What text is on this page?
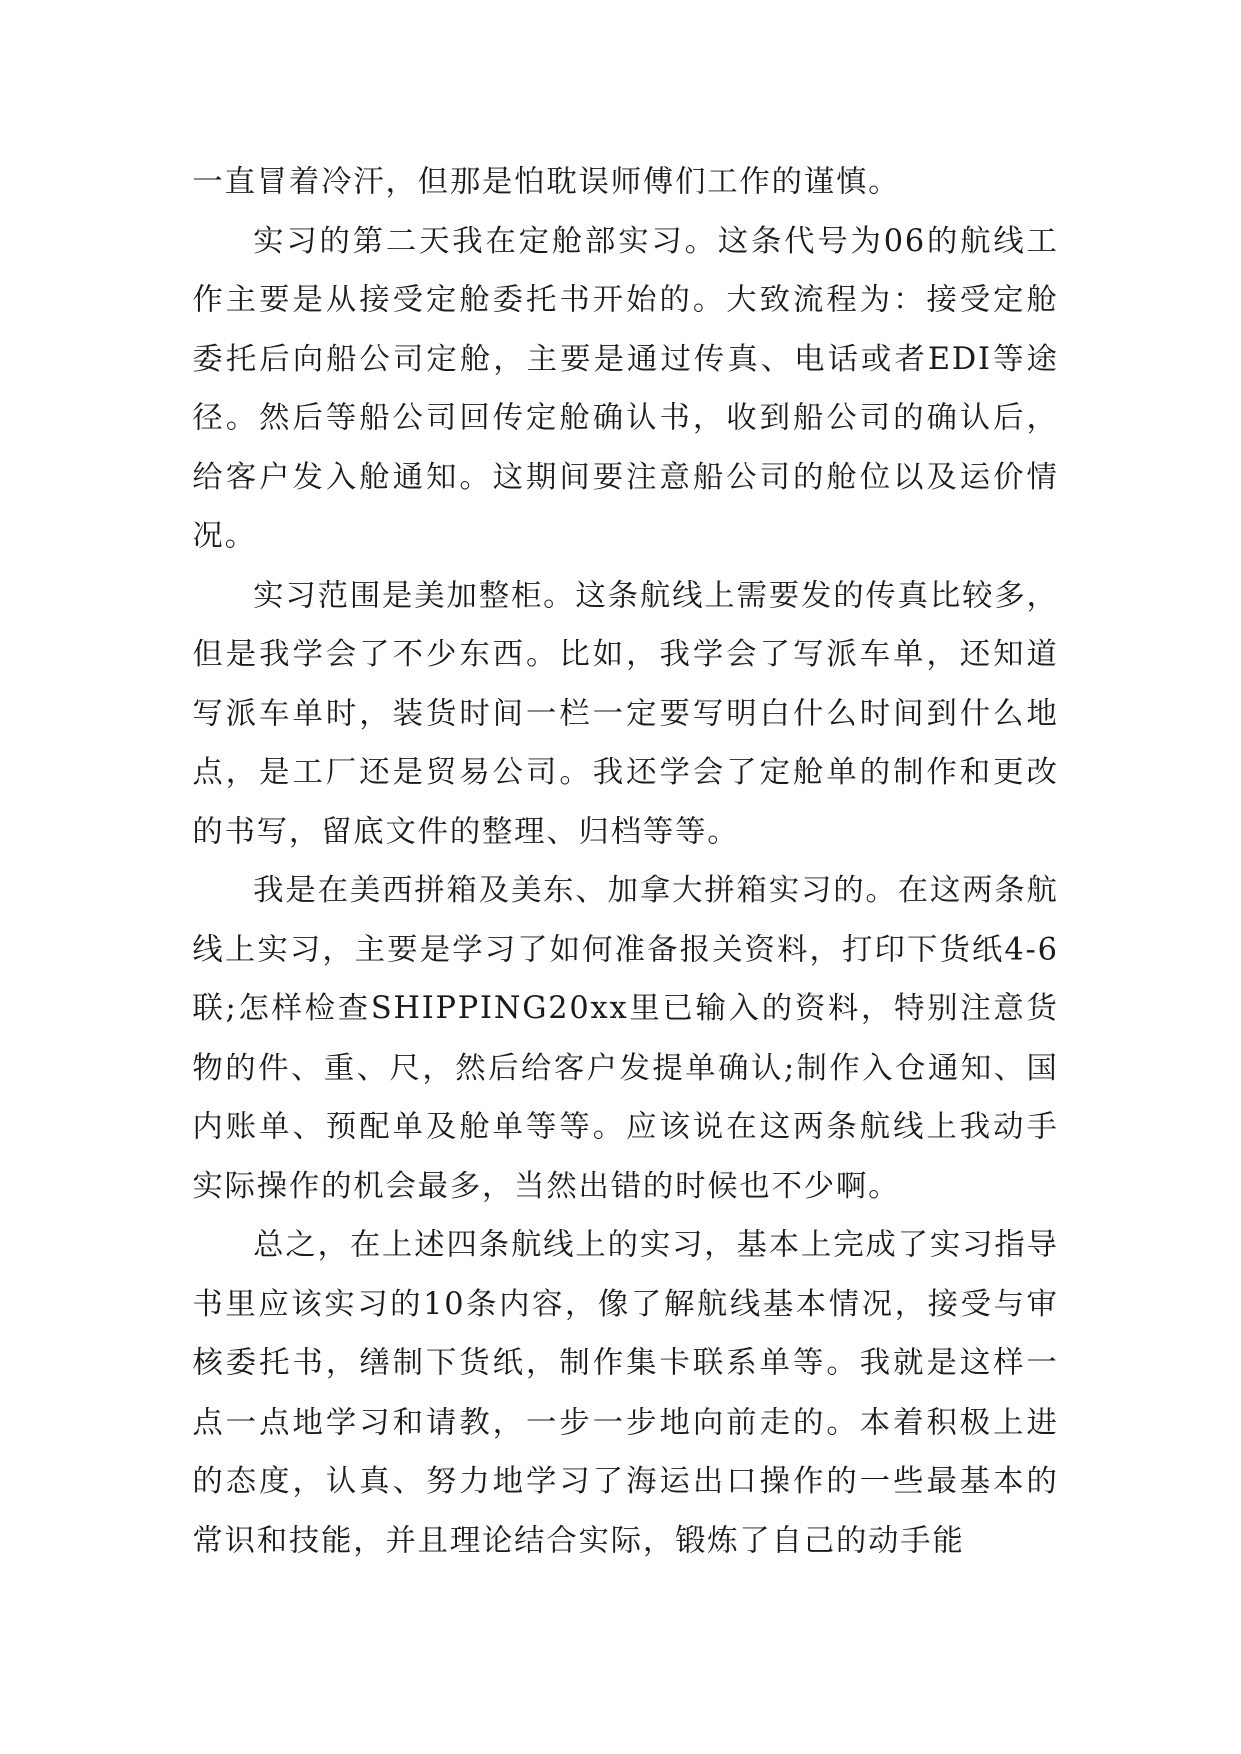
一直冒着冷汗，但那是怕耽误师傅们工作的谨慎。

实习的第二天我在定舱部实习。这条代号为06的航线工作主要是从接受定舱委托书开始的。大致流程为：接受定舱委托后向船公司定舱，主要是通过传真、电话或者EDI等途径。然后等船公司回传定舱确认书，收到船公司的确认后，给客户发入舱通知。这期间要注意船公司的舱位以及运价情况。

实习范围是美加整柜。这条航线上需要发的传真比较多，但是我学会了不少东西。比如，我学会了写派车单，还知道写派车单时，装货时间一栏一定要写明白什么时间到什么地点，是工厂还是贸易公司。我还学会了定舱单的制作和更改的书写，留底文件的整理、归档等等。

我是在美西拼箱及美东、加拿大拼箱实习的。在这两条航线上实习，主要是学习了如何准备报关资料，打印下货纸4-6联;怎样检查SHIPPING20xx里已输入的资料，特别注意货物的件、重、尺，然后给客户发提单确认;制作入仓通知、国内账单、预配单及舱单等等。应该说在这两条航线上我动手实际操作的机会最多，当然出错的时候也不少啊。

总之，在上述四条航线上的实习，基本上完成了实习指导书里应该实习的10条内容，像了解航线基本情况，接受与审核委托书，缮制下货纸，制作集卡联系单等。我就是这样一点一点地学习和请教，一步一步地向前走的。本着积极上进的态度，认真、努力地学习了海运出口操作的一些最基本的常识和技能，并且理论结合实际，锻炼了自己的动手能
